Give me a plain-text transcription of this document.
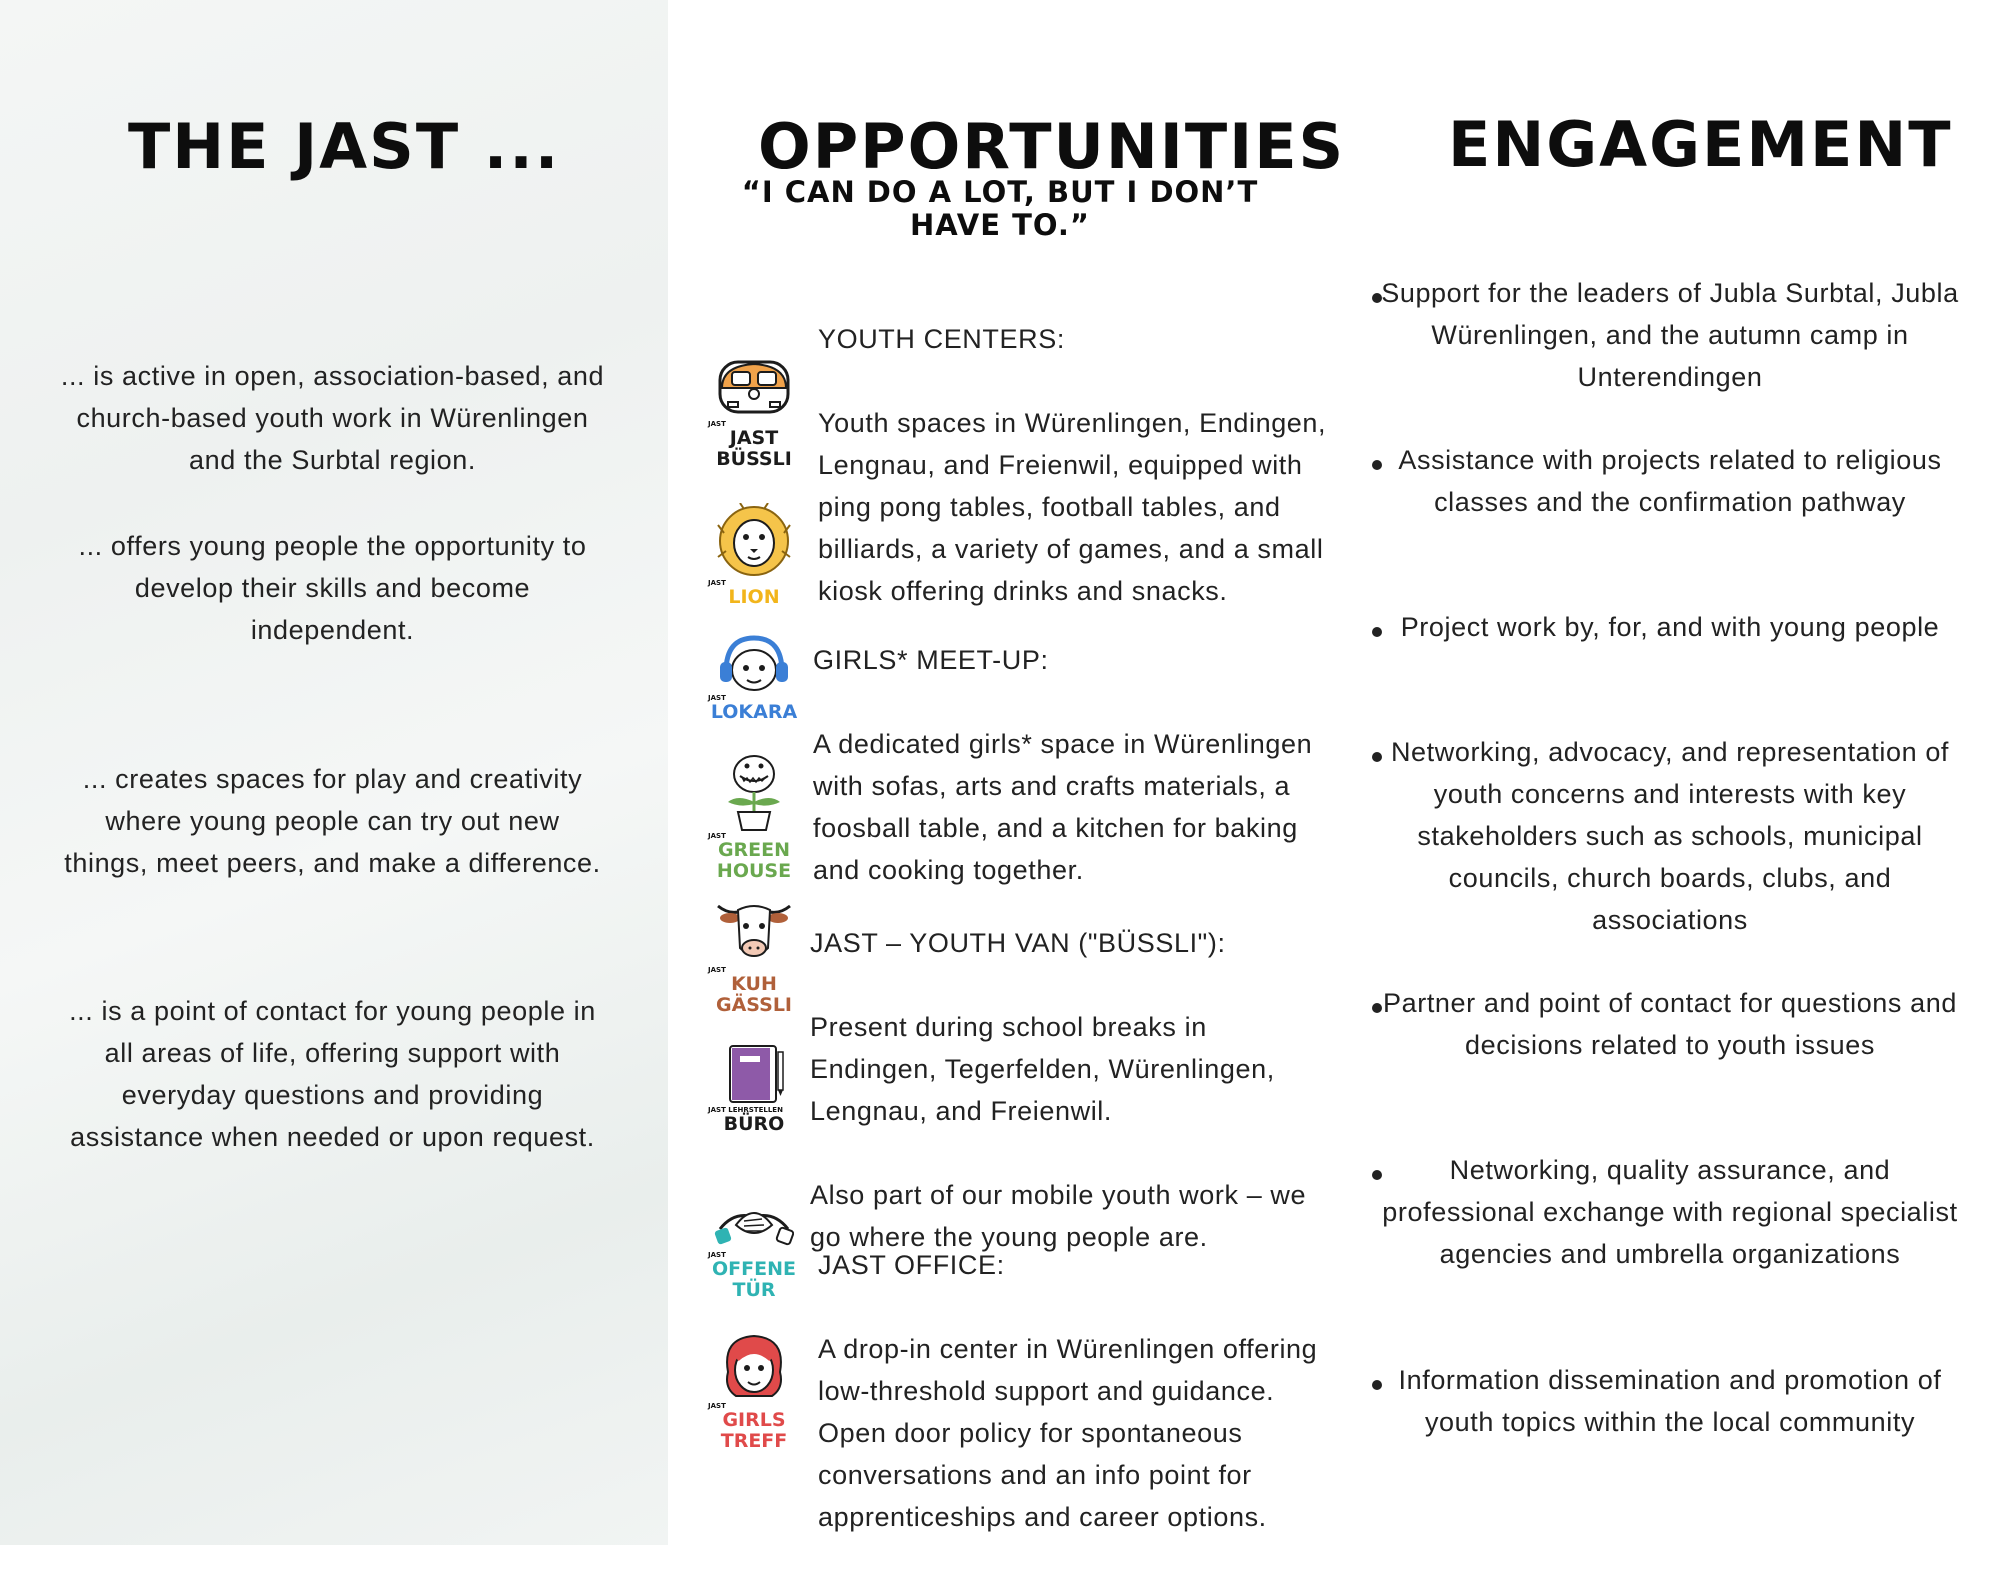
THE JAST ...	OPPORTUNITIES ENGAGEMENT

“I CAN DO A LOT, BUT I DON’T HAVE TO.”

... is active in open, association-based, and church-based youth work in Würenlingen and the Surbtal region.

... offers young people the opportunity to develop their skills and become independent.

... creates spaces for play and creativity where young people can try out new things, meet peers, and make a difference.

... is a point of contact for young people in all areas of life, offering support with everyday questions and providing assistance when needed or upon request.

YOUTH CENTERS:

Youth spaces in Würenlingen, Endingen, Lengnau, and Freienwil, equipped with ping pong tables, football tables, and billiards, a variety of games, and a small kiosk offering drinks and snacks.

GIRLS* MEET-UP:

A dedicated girls* space in Würenlingen with sofas, arts and crafts materials, a foosball table, and a kitchen for baking and cooking together.

JAST – YOUTH VAN ("BÜSSLI"):

Present during school breaks in Endingen, Tegerfelden, Würenlingen, Lengnau, and Freienwil.

Also part of our mobile youth work – we go where the young people are.

JAST OFFICE:

A drop-in center in Würenlingen offering low-threshold support and guidance. Open door policy for spontaneous conversations and an info point for apprenticeships and career options.

JAST
JAST
BÜSSLI
JAST
LION
JAST
LOKARA
JAST
GREEN
HOUSE
JAST
KUH
GÄSSLI
JAST LEHRSTELLEN
BÜRO
JAST
OFFENE
TÜR
JAST
GIRLS
TREFF
Support for the leaders of Jubla Surbtal, Jubla Würenlingen, and the autumn camp in Unterendingen
Assistance with projects related to religious classes and the confirmation pathway
Project work by, for, and with young people
Networking, advocacy, and representation of youth concerns and interests with key stakeholders such as schools, municipal councils, church boards, clubs, and associations
Partner and point of contact for questions and decisions related to youth issues
Networking, quality assurance, and professional exchange with regional specialist agencies and umbrella organizations
Information dissemination and promotion of youth topics within the local community
